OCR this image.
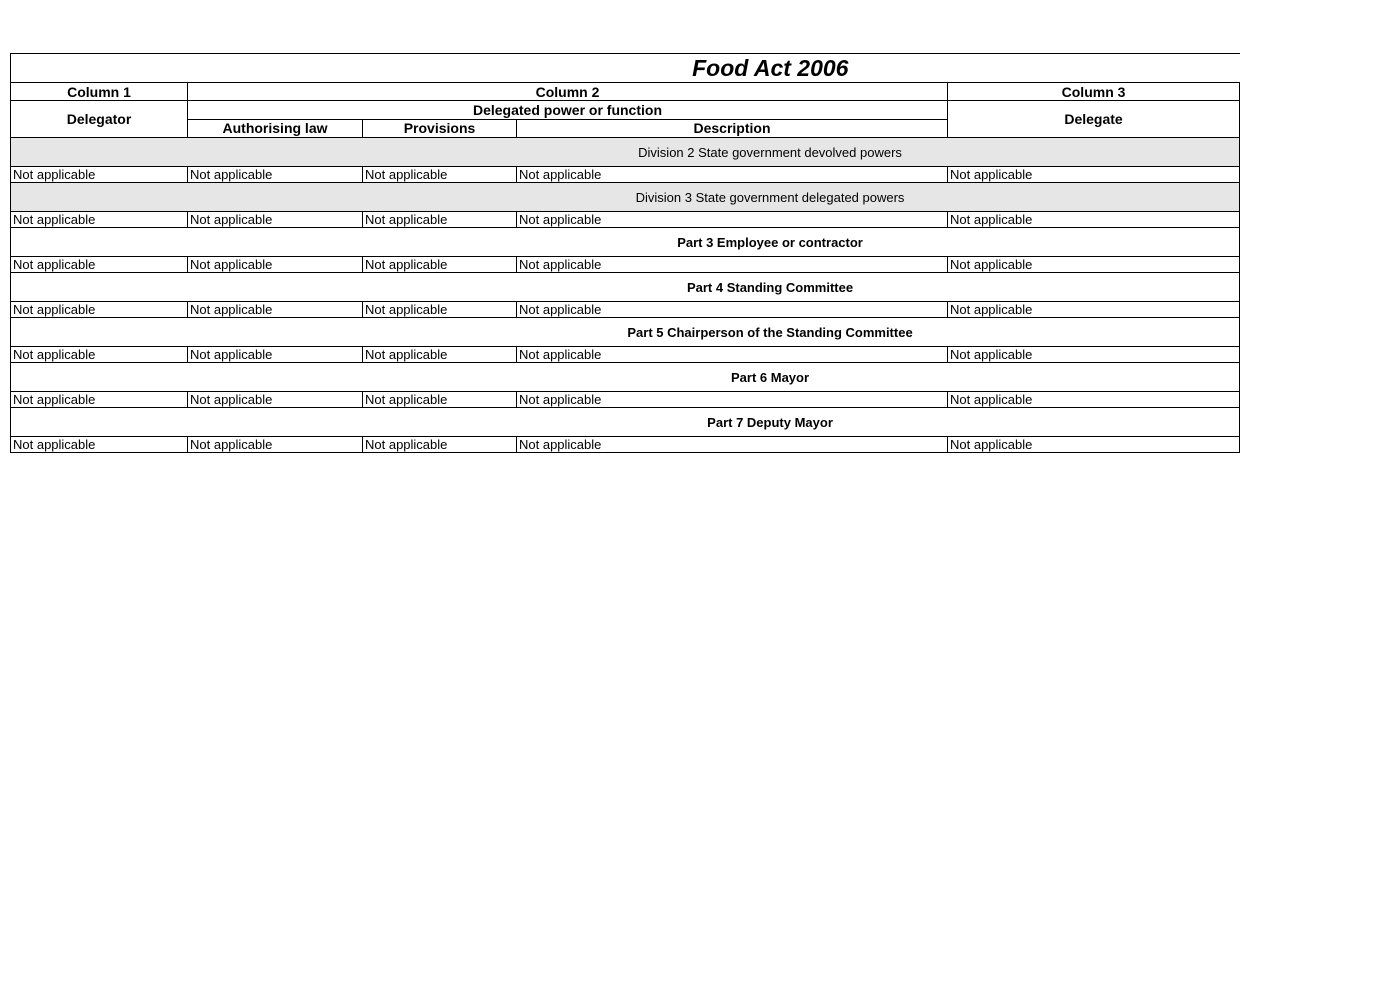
Food Act 2006				
Column 1	Column 2			Column 3
Delegator	Delegated power or function			Delegate
	Authorising law	Provisions	Description	
Division 2 State government devolved powers				
Not applicable	Not applicable	Not applicable	Not applicable	Not applicable
Division 3 State government delegated powers				
Not applicable	Not applicable	Not applicable	Not applicable	Not applicable
Part 3 Employee or contractor				
Not applicable	Not applicable	Not applicable	Not applicable	Not applicable
Part 4 Standing Committee				
Not applicable	Not applicable	Not applicable	Not applicable	Not applicable
Part 5 Chairperson of the Standing Committee				
Not applicable	Not applicable	Not applicable	Not applicable	Not applicable
Part 6 Mayor				
Not applicable	Not applicable	Not applicable	Not applicable	Not applicable
Part 7 Deputy Mayor				
Not applicable	Not applicable	Not applicable	Not applicable	Not applicable
